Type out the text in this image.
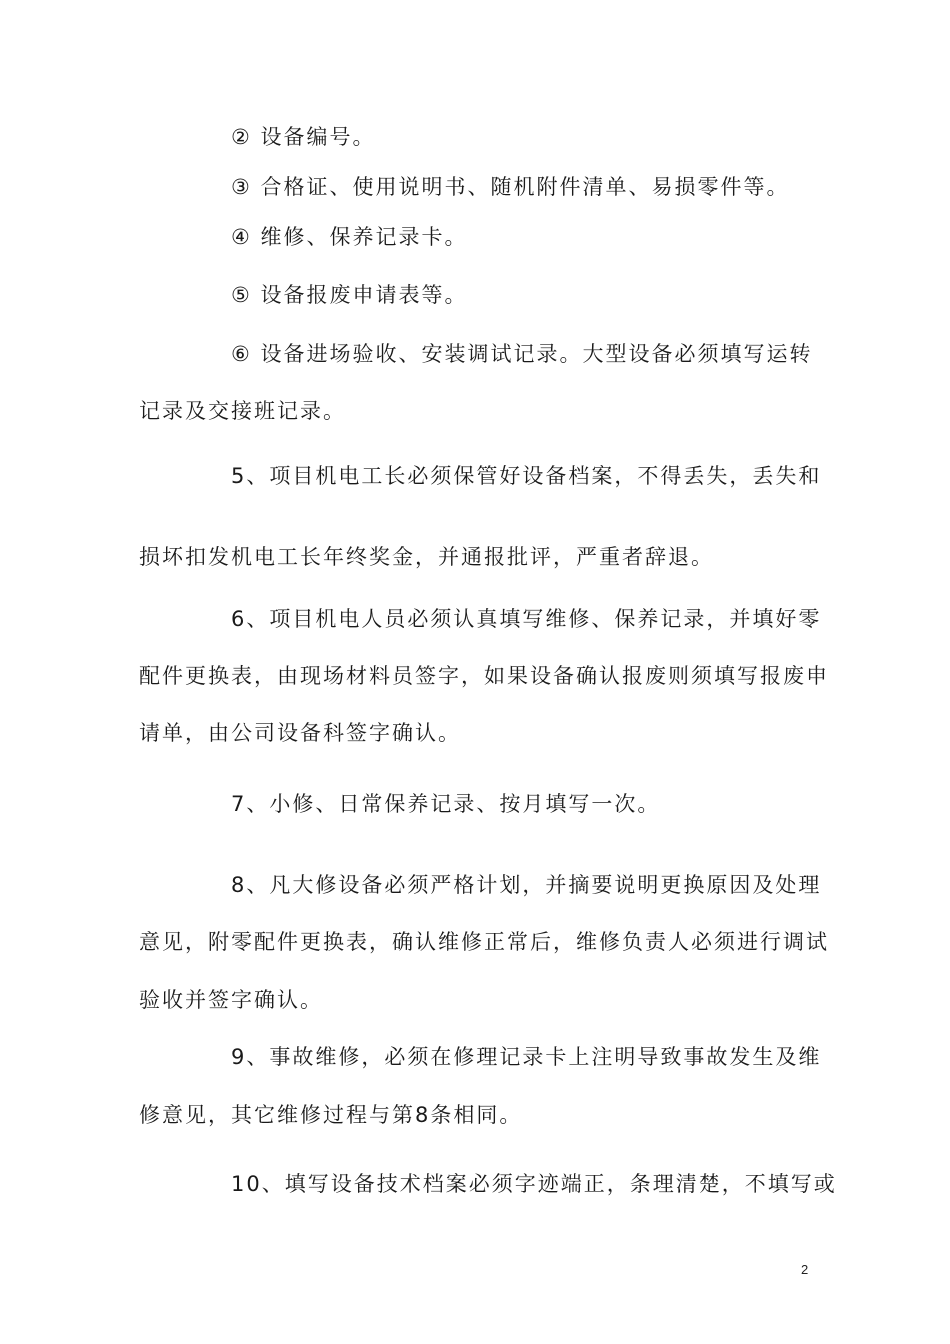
② 设备编号。
③ 合格证、使用说明书、随机附件清单、易损零件等。
④ 维修、保养记录卡。
⑤ 设备报废申请表等。
⑥ 设备进场验收、安装调试记录。大型设备必须填写运转
记录及交接班记录。
5、项目机电工长必须保管好设备档案，不得丢失，丢失和
损坏扣发机电工长年终奖金，并通报批评，严重者辞退。
6、项目机电人员必须认真填写维修、保养记录，并填好零
配件更换表，由现场材料员签字，如果设备确认报废则须填写报废申
请单，由公司设备科签字确认。
7、小修、日常保养记录、按月填写一次。
8、凡大修设备必须严格计划，并摘要说明更换原因及处理
意见，附零配件更换表，确认维修正常后，维修负责人必须进行调试
验收并签字确认。
9、事故维修，必须在修理记录卡上注明导致事故发生及维
修意见，其它维修过程与第8条相同。
10、填写设备技术档案必须字迹端正，条理清楚，不填写或
2
